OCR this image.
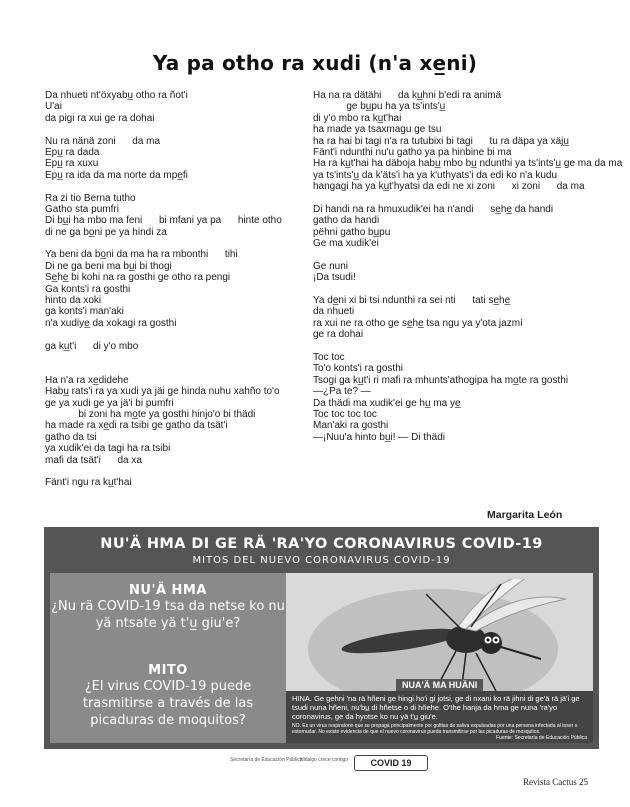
Ya pa otho ra xudi (n'a xe̲ni)
Da nhueti nt'öxyabu̲ otho ra ñot'i
U'ai
da pigi ra xui ge ra dohai
Nu ra nänä zoni      da ma
Epu̲ ra dada
Epu̲ ra xuxu
Epu̲ ra ida da ma norte da mpe̲fi
Ra zi tio Berna tutho
Gatho sta pumfri
Di bu̲i ha mbo ma feni      bi mfani ya pa      hinte otho
di ne ga bo̲ni pe ya hindi za
Ya beni da bo̲ni da ma ha ra mbonthi      tihi
Di ne ga beni ma bu̲i bi thogi
Se̲he̲ bi kohi na ra gosthi ge otho ra pengi
Ga konts'i ra gosthi
hinto da xoki
ga konts'i man'aki
n'a xudiye̲ da xokagi ra gosthi
ga ku̲t'i      di y'o mbo
Ha n'a ra xe̲didehe
Habu̲ rats'i ra ya xudi ya jäi ge hinda nuhu xahño to'o
ge ya xudi ge ya jä'i bi pumfri
bi zoni ha mo̲te ya gosthi hinjo'o bi thädi
ha made ra xe̲di ra tsibi ge gatho da tsät'i
gatho da tsi
ya xudik'ei da tagi ha ra tsibi
mafi da tsät'i      da xa
Fänt'i ngu ra ku̲t'hai
Ha na ra dätähi      da ku̲hni b'edi ra animä
ge bu̲pu ha ya ts'ints'u̲
di y'o mbo ra ku̲t'hai
ha made ya tsaxmagu ge tsu
ha ra hai bi tagi n'a ra tutubixi bi tagi      tu ra däpa ya xäju̲
Fänt'i ndunthi nu'u gatho ya pa hinbine bi ma
Ha ra ku̲t'hai ha däboja habu̲ mbo bu̲ ndunthi ya ts'ints'u̲ ge ma da ma
ya ts'ints'u̲ da k'äts'i ha ya k'uthyats'i da edi ko n'a kudu
hangagi ha ya ku̲t'hyatsi da edi ne xi zoni      xi zoni      da ma
Di handi na ra hmuxudik'ei ha n'andi      se̲he̲ da handi
gatho da handi
pëhni gatho bu̲pu
Ge ma xudik'ei
Ge nuni
¡Da tsudi!
Ya de̲ni xi bi tsi ndunthi ra sei nti      tati se̲he̲
da nhueti
ra xui ne ra otho ge se̲he̲ tsa ngu ya y'ota jazmí
ge ra dohai
Toc toc
To'o konts'i ra gosthi
Tsogi ga ku̲t'i ri mafi ra mhunts'athogipa ha mo̲te ra gosthi
—¿Pa te? —
Da thädi ma xudik'ei ge hu̲ ma ye̲
Toc toc toc toc
Man'aki ra gosthi
—¡Nuu'a hinto bu̲i! — Di thädi
Margarita León
NU'Ä HMA DI GE RÄ 'RA'YO CORONAVIRUS COVID-19
MITOS DEL NUEVO CORONAVIRUS COVID-19
NU'Ä HMA
¿Nu rä COVID-19 tsa da netse ko nu yä ntsate yä t'u̲ giu'e?
MITO
¿El virus COVID-19 puede trasmitirse a través de las picaduras de moquitos?
NUA'Ä MA HUÄNI
HINA. Ge gehni 'na rä hñeni ge hingi ho'i gi jotsi, ge di nxani ko rä jihni di ge'ä rä jä'i ge tsudi nuna hñeni, nu'bu̲ di hñetse o di hñehe. O'the hanja da hma ge nuna 'ra'yo coronavirus, ge da hyotse ko nu yä t'u̲ giu'e.
NO. Es un virus respiratorio que se propaga principalmente por gotitas de saliva expulsadas por una persona infectada al toser o estornudar. No existe evidencia de que el nuevo coronavirus pueda transmitirse por las picaduras de mosquitos.
Fuente: Secretaría de Educación Pública
Secretaría de Educación Pública
Hidalgo crece contigo	COVID 19
Revista Cactus 25
